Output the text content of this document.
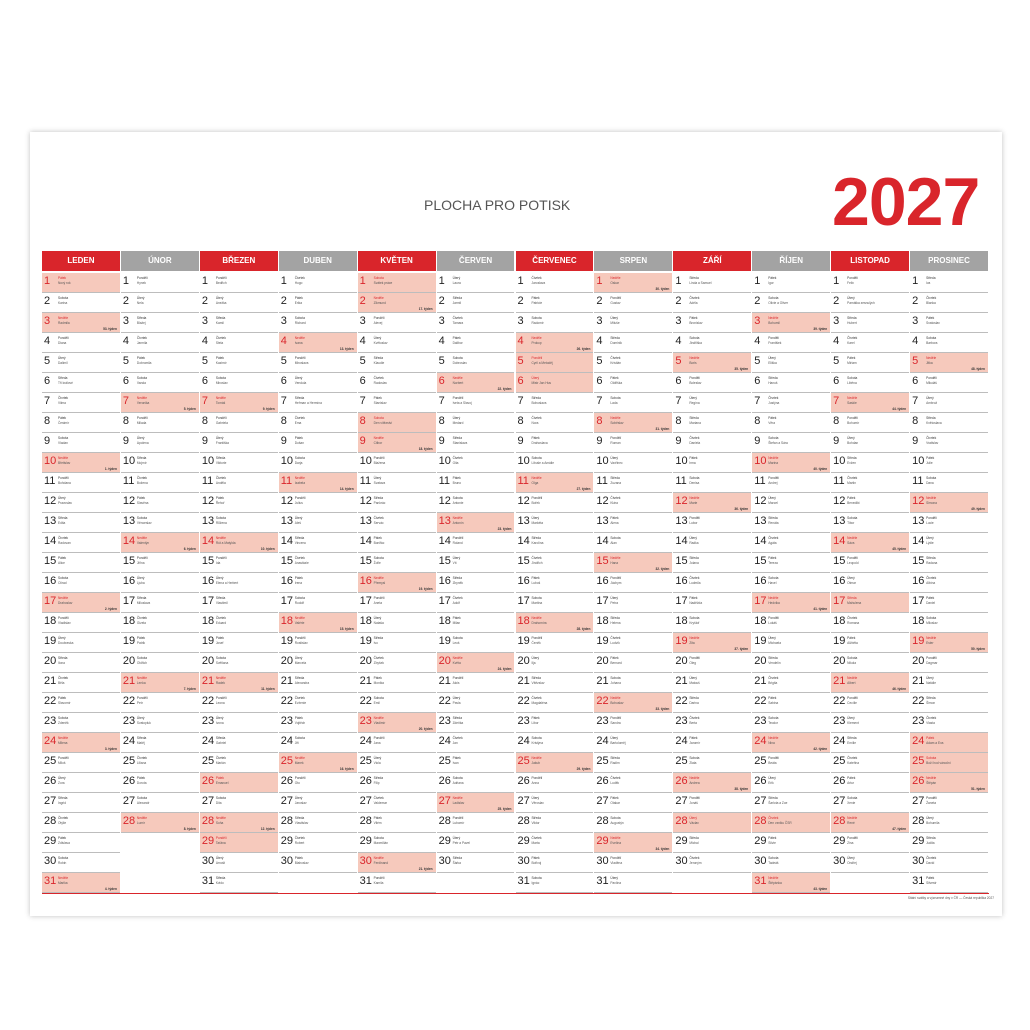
PLOCHA PRO POTISK	2027
LEDEN
1 Pátek
Nový rok
2 Sobota
Karina
3 Neděle
Radmila
53. týden
4 Pondělí
Diana
5 Úterý
Dalimil
6 Středa
Tři králové
7 Čtvrtek
Vilma
8 Pátek
Čestmír
9 Sobota
Vladan
10 Neděle
Břetislav
1. týden
11 Pondělí
Bohdana
12 Úterý
Pravoslav
13 Středa
Edita
14 Čtvrtek
Radovan
15 Pátek
Alice
16 Sobota
Ctirad
17 Neděle
Drahoslav
2. týden
18 Pondělí
Vladislav
19 Úterý
Doubravka
20 Středa
Ilona
21 Čtvrtek
Běla
22 Pátek
Slavomír
23 Sobota
Zdeněk
24 Neděle
Milena
3. týden
25 Pondělí
Miloš
26 Úterý
Zora
27 Středa
Ingrid
28 Čtvrtek
Otýlie
29 Pátek
Zdislava
30 Sobota
Robin
31 Neděle
Marika
4. týden
ÚNOR
1 Pondělí
Hynek
2 Úterý
Nela
3 Středa
Blažej
4 Čtvrtek
Jarmila
5 Pátek
Dobromila
6 Sobota
Vanda
7 Neděle
Veronika
5. týden
8 Pondělí
Milada
9 Úterý
Apolena
10 Středa
Mojmír
11 Čtvrtek
Božena
12 Pátek
Slavěna
13 Sobota
Věnceslav
14 Neděle
Valentýn
6. týden
15 Pondělí
Jiřina
16 Úterý
Ljuba
17 Středa
Miloslava
18 Čtvrtek
Gizela
19 Pátek
Patrik
20 Sobota
Oldřich
21 Neděle
Lenka
7. týden
22 Pondělí
Petr
23 Úterý
Svatopluk
24 Středa
Matěj
25 Čtvrtek
Liliana
26 Pátek
Dorota
27 Sobota
Alexandr
28 Neděle
Lumír
8. týden
BŘEZEN
1 Pondělí
Bedřich
2 Úterý
Anežka
3 Středa
Kamil
4 Čtvrtek
Stela
5 Pátek
Kazimír
6 Sobota
Miroslav
7 Neděle
Tomáš
9. týden
8 Pondělí
Gabriela
9 Úterý
Františka
10 Středa
Viktorie
11 Čtvrtek
Anděla
12 Pátek
Řehoř
13 Sobota
Růžena
14 Neděle
Rút a Matylda
10. týden
15 Pondělí
Ida
16 Úterý
Elena a Herbert
17 Středa
Vlastimil
18 Čtvrtek
Eduard
19 Pátek
Josef
20 Sobota
Světlana
21 Neděle
Radek
11. týden
22 Pondělí
Leona
23 Úterý
Ivona
24 Středa
Gabriel
25 Čtvrtek
Marián
26 Pátek
Emanuel
27 Sobota
Dita
28 Neděle
Soňa
12. týden
29 Pondělí
Taťána
30 Úterý
Arnošt
31 Středa
Kvido
DUBEN
1 Čtvrtek
Hugo
2 Pátek
Erika
3 Sobota
Richard
4 Neděle
Ivana
13. týden
5 Pondělí
Miroslava
6 Úterý
Vendula
7 Středa
Heřman a Hermína
8 Čtvrtek
Ema
9 Pátek
Dušan
10 Sobota
Darja
11 Neděle
Izabela
14. týden
12 Pondělí
Julius
13 Úterý
Aleš
14 Středa
Vincenc
15 Čtvrtek
Anastázie
16 Pátek
Irena
17 Sobota
Rudolf
18 Neděle
Valérie
15. týden
19 Pondělí
Rostislav
20 Úterý
Marcela
21 Středa
Alexandra
22 Čtvrtek
Evženie
23 Pátek
Vojtěch
24 Sobota
Jiří
25 Neděle
Marek
16. týden
26 Pondělí
Oto
27 Úterý
Jaroslav
28 Středa
Vlastislav
29 Čtvrtek
Robert
30 Pátek
Blahoslav
KVĚTEN
1 Sobota
Svátek práce
2 Neděle
Zikmund
17. týden
3 Pondělí
Alexej
4 Úterý
Květoslav
5 Středa
Klaudie
6 Čtvrtek
Radoslav
7 Pátek
Stanislav
8 Sobota
Den vítězství
9 Neděle
Ctibor
18. týden
10 Pondělí
Blažena
11 Úterý
Svatava
12 Středa
Pankrác
13 Čtvrtek
Servác
14 Pátek
Bonifác
15 Sobota
Žofie
16 Neděle
Přemysl
19. týden
17 Pondělí
Aneta
18 Úterý
Nataša
19 Středa
Ivo
20 Čtvrtek
Zbyšek
21 Pátek
Monika
22 Sobota
Emil
23 Neděle
Vladimír
20. týden
24 Pondělí
Jana
25 Úterý
Viola
26 Středa
Filip
27 Čtvrtek
Valdemar
28 Pátek
Vilém
29 Sobota
Maxmilián
30 Neděle
Ferdinand
21. týden
31 Pondělí
Kamila
ČERVEN
1 Úterý
Laura
2 Středa
Jarmil
3 Čtvrtek
Tamara
4 Pátek
Dalibor
5 Sobota
Dobroslav
6 Neděle
Norbert
22. týden
7 Pondělí
Iveta a Slavoj
8 Úterý
Medard
9 Středa
Stanislava
10 Čtvrtek
Gita
11 Pátek
Bruno
12 Sobota
Antonie
13 Neděle
Antonín
23. týden
14 Pondělí
Roland
15 Úterý
Vít
16 Středa
Zbyněk
17 Čtvrtek
Adolf
18 Pátek
Milan
19 Sobota
Leoš
20 Neděle
Květa
24. týden
21 Pondělí
Alois
22 Úterý
Pavla
23 Středa
Zdeňka
24 Čtvrtek
Jan
25 Pátek
Ivan
26 Sobota
Adriana
27 Neděle
Ladislav
25. týden
28 Pondělí
Lubomír
29 Úterý
Petr a Pavel
30 Středa
Šárka
ČERVENEC
1 Čtvrtek
Jaroslava
2 Pátek
Patricie
3 Sobota
Radomír
4 Neděle
Prokop
26. týden
5 Pondělí
Cyril a Metoděj
6 Úterý
Mistr Jan Hus
7 Středa
Bohuslava
8 Čtvrtek
Nora
9 Pátek
Drahoslava
10 Sobota
Libuše a Amálie
11 Neděle
Olga
27. týden
12 Pondělí
Bořek
13 Úterý
Markéta
14 Středa
Karolína
15 Čtvrtek
Jindřich
16 Pátek
Luboš
17 Sobota
Martina
18 Neděle
Drahomíra
28. týden
19 Pondělí
Čeněk
20 Úterý
Ilja
21 Středa
Vítězslav
22 Čtvrtek
Magdaléna
23 Pátek
Libor
24 Sobota
Kristýna
25 Neděle
Jakub
29. týden
26 Pondělí
Anna
27 Úterý
Věroslav
28 Středa
Viktor
29 Čtvrtek
Marta
30 Pátek
Bořivoj
31 Sobota
Ignác
SRPEN
1 Neděle
Oskar
30. týden
2 Pondělí
Gustav
3 Úterý
Miluše
4 Středa
Dominik
5 Čtvrtek
Kristián
6 Pátek
Oldřiška
7 Sobota
Lada
8 Neděle
Soběslav
31. týden
9 Pondělí
Roman
10 Úterý
Vavřinec
11 Středa
Zuzana
12 Čtvrtek
Klára
13 Pátek
Alena
14 Sobota
Alan
15 Neděle
Hana
32. týden
16 Pondělí
Jáchym
17 Úterý
Petra
18 Středa
Helena
19 Čtvrtek
Ludvík
20 Pátek
Bernard
21 Sobota
Johana
22 Neděle
Bohuslav
33. týden
23 Pondělí
Sandra
24 Úterý
Bartoloměj
25 Středa
Radim
26 Čtvrtek
Luděk
27 Pátek
Otakar
28 Sobota
Augustýn
29 Neděle
Evelína
34. týden
30 Pondělí
Vladěna
31 Úterý
Pavlína
ZÁŘÍ
1 Středa
Linda a Samuel
2 Čtvrtek
Adéla
3 Pátek
Bronislav
4 Sobota
Jindřiška
5 Neděle
Boris
35. týden
6 Pondělí
Boleslav
7 Úterý
Regína
8 Středa
Mariana
9 Čtvrtek
Daniela
10 Pátek
Irma
11 Sobota
Denisa
12 Neděle
Marie
36. týden
13 Pondělí
Lubor
14 Úterý
Radka
15 Středa
Jolana
16 Čtvrtek
Ludmila
17 Pátek
Naděžda
18 Sobota
Kryštof
19 Neděle
Zita
37. týden
20 Pondělí
Oleg
21 Úterý
Matouš
22 Středa
Darina
23 Čtvrtek
Berta
24 Pátek
Jaromír
25 Sobota
Zlata
26 Neděle
Andrea
38. týden
27 Pondělí
Jonáš
28 Úterý
Václav
29 Středa
Michal
30 Čtvrtek
Jeroným
ŘÍJEN
1 Pátek
Igor
2 Sobota
Olivie a Oliver
3 Neděle
Bohumil
39. týden
4 Pondělí
František
5 Úterý
Eliška
6 Středa
Hanuš
7 Čtvrtek
Justýna
8 Pátek
Věra
9 Sobota
Štefan a Sára
10 Neděle
Marina
40. týden
11 Pondělí
Andrej
12 Úterý
Marcel
13 Středa
Renáta
14 Čtvrtek
Agáta
15 Pátek
Tereza
16 Sobota
Havel
17 Neděle
Hedvika
41. týden
18 Pondělí
Lukáš
19 Úterý
Michaela
20 Středa
Vendelín
21 Čtvrtek
Brigita
22 Pátek
Sabina
23 Sobota
Teodor
24 Neděle
Nina
42. týden
25 Pondělí
Beáta
26 Úterý
Erik
27 Středa
Šarlota a Zoe
28 Čtvrtek
Den vzniku ČSR
29 Pátek
Silvie
30 Sobota
Tadeáš
31 Neděle
Štěpánka
43. týden
LISTOPAD
1 Pondělí
Felix
2 Úterý
Památka zesnulých
3 Středa
Hubert
4 Čtvrtek
Karel
5 Pátek
Miriam
6 Sobota
Liběna
7 Neděle
Saskie
44. týden
8 Pondělí
Bohumír
9 Úterý
Bohdan
10 Středa
Evžen
11 Čtvrtek
Martin
12 Pátek
Benedikt
13 Sobota
Tibor
14 Neděle
Sáva
45. týden
15 Pondělí
Leopold
16 Úterý
Otmar
17 Středa
Mahulena
18 Čtvrtek
Romana
19 Pátek
Alžběta
20 Sobota
Nikola
21 Neděle
Albert
46. týden
22 Pondělí
Cecílie
23 Úterý
Klement
24 Středa
Emílie
25 Čtvrtek
Kateřina
26 Pátek
Artur
27 Sobota
Xenie
28 Neděle
René
47. týden
29 Pondělí
Zina
30 Úterý
Ondřej
PROSINEC
1 Středa
Iva
2 Čtvrtek
Blanka
3 Pátek
Svatoslav
4 Sobota
Barbora
5 Neděle
Jitka
48. týden
6 Pondělí
Mikuláš
7 Úterý
Ambrož
8 Středa
Květoslava
9 Čtvrtek
Vratislav
10 Pátek
Julie
11 Sobota
Dana
12 Neděle
Simona
49. týden
13 Pondělí
Lucie
14 Úterý
Lýdie
15 Středa
Radana
16 Čtvrtek
Albína
17 Pátek
Daniel
18 Sobota
Miloslav
19 Neděle
Ester
50. týden
20 Pondělí
Dagmar
21 Úterý
Natálie
22 Středa
Šimon
23 Čtvrtek
Vlasta
24 Pátek
Adam a Eva
25 Sobota
Boží hod vánoční
26 Neděle
Štěpán
51. týden
27 Pondělí
Žaneta
28 Úterý
Bohumila
29 Středa
Judita
30 Čtvrtek
David
31 Pátek
Silvestr
Státní svátky a významné dny v ČR — Česká republika 2027
